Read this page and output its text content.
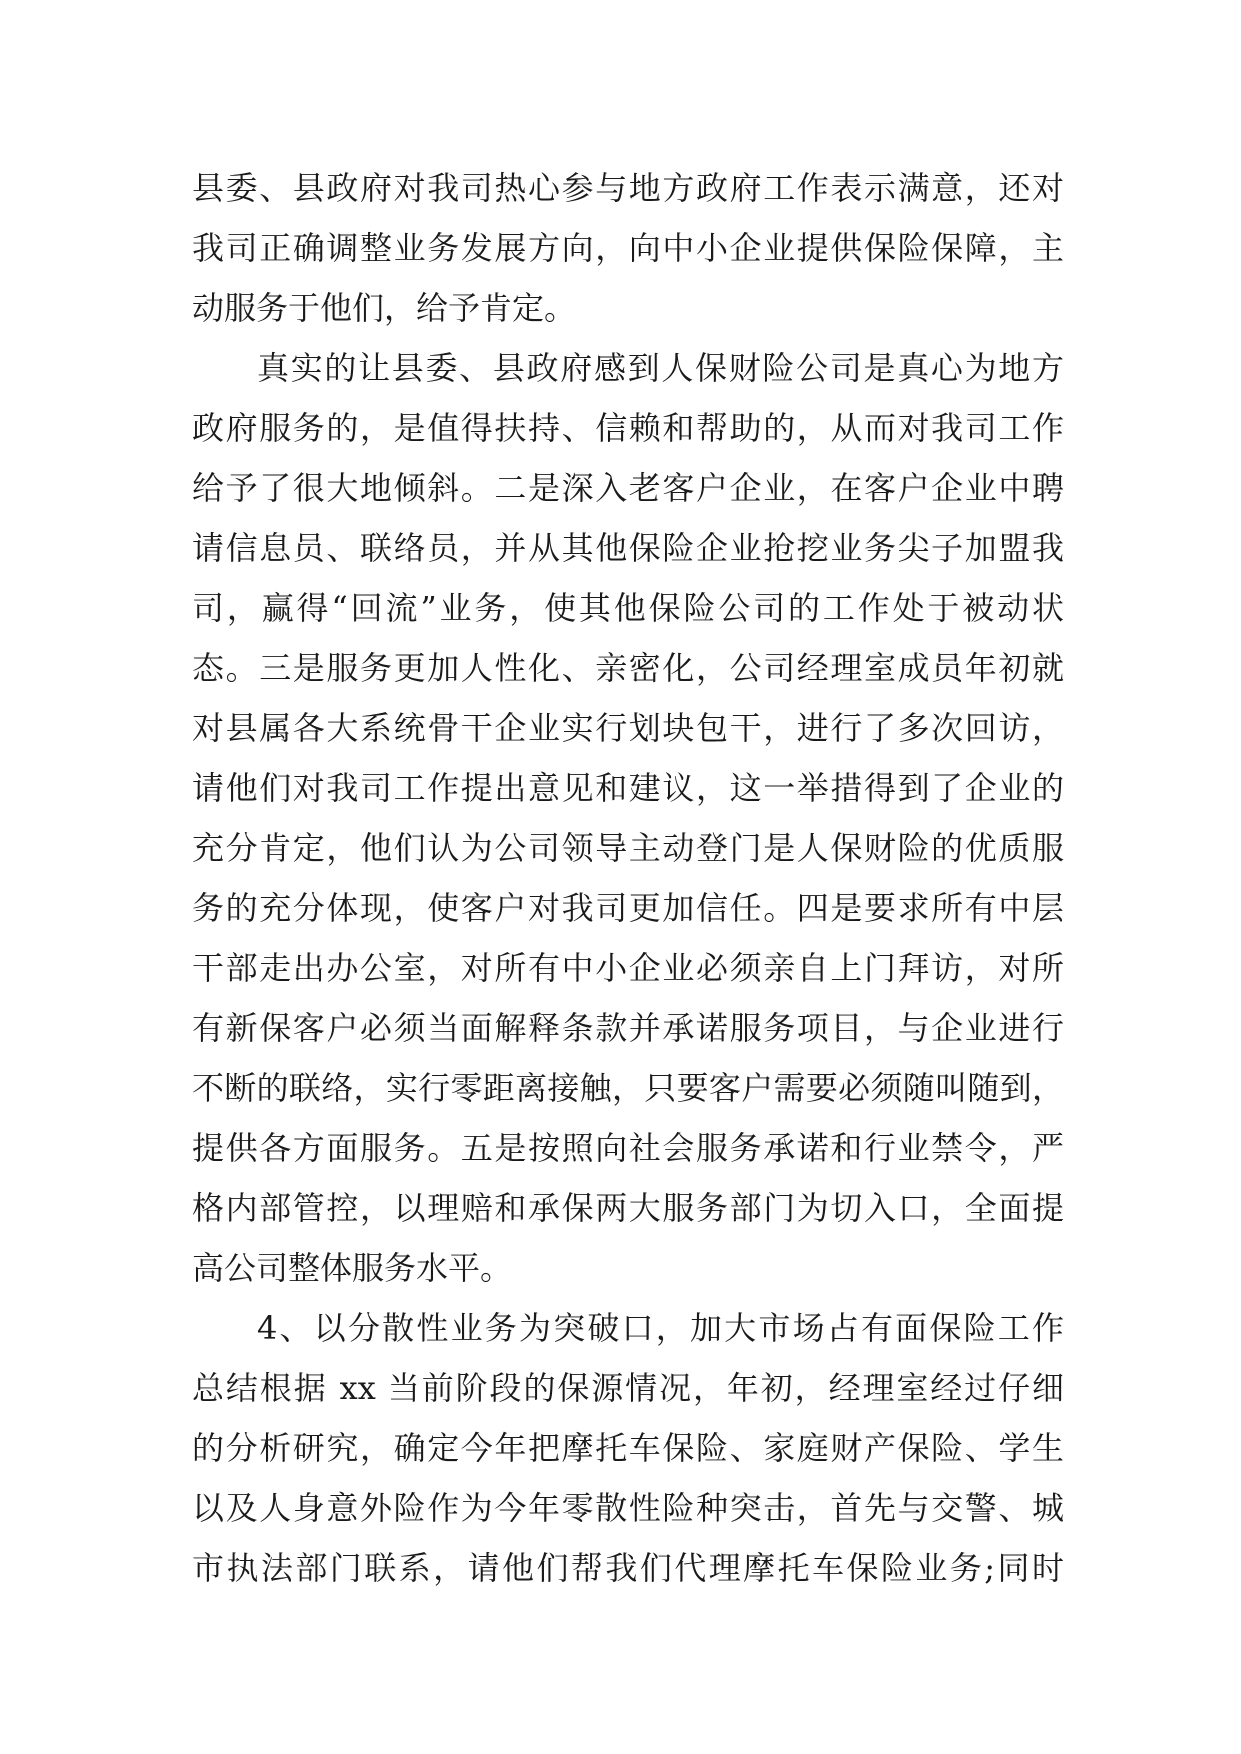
县委、县政府对我司热心参与地方政府工作表示满意，还对
我司正确调整业务发展方向，向中小企业提供保险保障，主
动服务于他们，给予肯定。
真实的让县委、县政府感到人保财险公司是真心为地方
政府服务的，是值得扶持、信赖和帮助的，从而对我司工作
给予了很大地倾斜。二是深入老客户企业，在客户企业中聘
请信息员、联络员，并从其他保险企业抢挖业务尖子加盟我
司，赢得“回流”业务，使其他保险公司的工作处于被动状
态。三是服务更加人性化、亲密化，公司经理室成员年初就
对县属各大系统骨干企业实行划块包干，进行了多次回访，
请他们对我司工作提出意见和建议，这一举措得到了企业的
充分肯定，他们认为公司领导主动登门是人保财险的优质服
务的充分体现，使客户对我司更加信任。四是要求所有中层
干部走出办公室，对所有中小企业必须亲自上门拜访，对所
有新保客户必须当面解释条款并承诺服务项目，与企业进行
不断的联络，实行零距离接触，只要客户需要必须随叫随到，
提供各方面服务。五是按照向社会服务承诺和行业禁令，严
格内部管控，以理赔和承保两大服务部门为切入口，全面提
高公司整体服务水平。
4、以分散性业务为突破口，加大市场占有面保险工作
总结根据 xx 当前阶段的保源情况，年初，经理室经过仔细
的分析研究，确定今年把摩托车保险、家庭财产保险、学生
以及人身意外险作为今年零散性险种突击，首先与交警、城
市执法部门联系，请他们帮我们代理摩托车保险业务;同时
